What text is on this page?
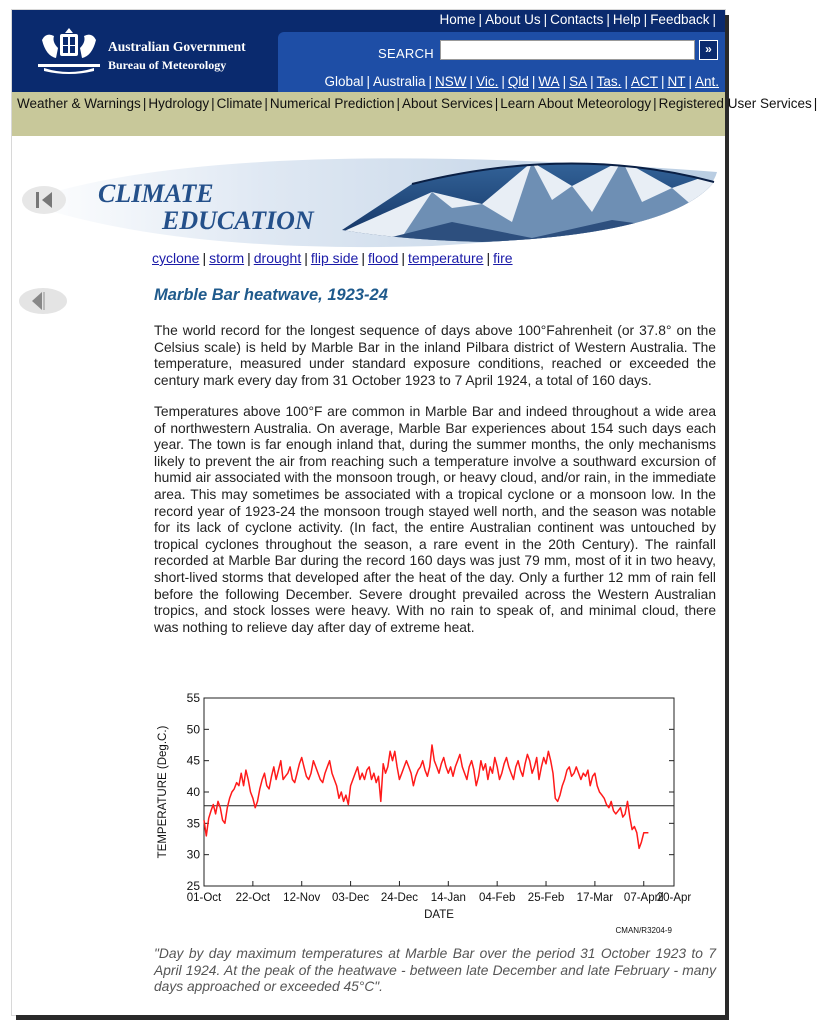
Home | About Us | Contacts | Help | Feedback |
Australian Government
Bureau of Meteorology
SEARCH	»
Global | Australia | NSW | Vic. | Qld | WA | SA | Tas. | ACT | NT | Ant.
Weather & Warnings | Hydrology | Climate | Numerical Prediction | About Services | Learn About Meteorology | Registered User Services |
CLIMATE
EDUCATION
cyclone | storm | drought | flip side | flood | temperature | fire
Marble Bar heatwave, 1923-24

The world record for the longest sequence of days above 100°Fahrenheit (or 37.8° on the Celsius scale) is held by Marble Bar in the inland Pilbara district of Western Australia. The temperature, measured under standard exposure conditions, reached or exceeded the century mark every day from 31 October 1923 to 7 April 1924, a total of 160 days.

Temperatures above 100°F are common in Marble Bar and indeed throughout a wide area of northwestern Australia. On average, Marble Bar experiences about 154 such days each year. The town is far enough inland that, during the summer months, the only mechanisms likely to prevent the air from reaching such a temperature involve a southward excursion of humid air associated with the monsoon trough, or heavy cloud, and/or rain, in the immediate area. This may sometimes be associated with a tropical cyclone or a monsoon low. In the record year of 1923-24 the monsoon trough stayed well north, and the season was notable for its lack of cyclone activity. (In fact, the entire Australian continent was untouched by tropical cyclones throughout the season, a rare event in the 20th Century). The rainfall recorded at Marble Bar during the record 160 days was just 79 mm, most of it in two heavy, short-lived storms that developed after the heat of the day. Only a further 12 mm of rain fell before the following December. Severe drought prevailed across the Western Australian tropics, and stock losses were heavy. With no rain to speak of, and minimal cloud, there was nothing to relieve day after day of extreme heat.

25
30
35
40
45
50
55
01-Oct 22-Oct 12-Nov 03-Dec 24-Dec 14-Jan 04-Feb 25-Feb 17-Mar 07-April
20-Apr
TEMPERATURE (Deg.C.)
DATE
CMAN/R3204-9

"Day by day maximum temperatures at Marble Bar over the period 31 October 1923 to 7 April 1924. At the peak of the heatwave - between late December and late February - many days approached or exceeded 45°C".
